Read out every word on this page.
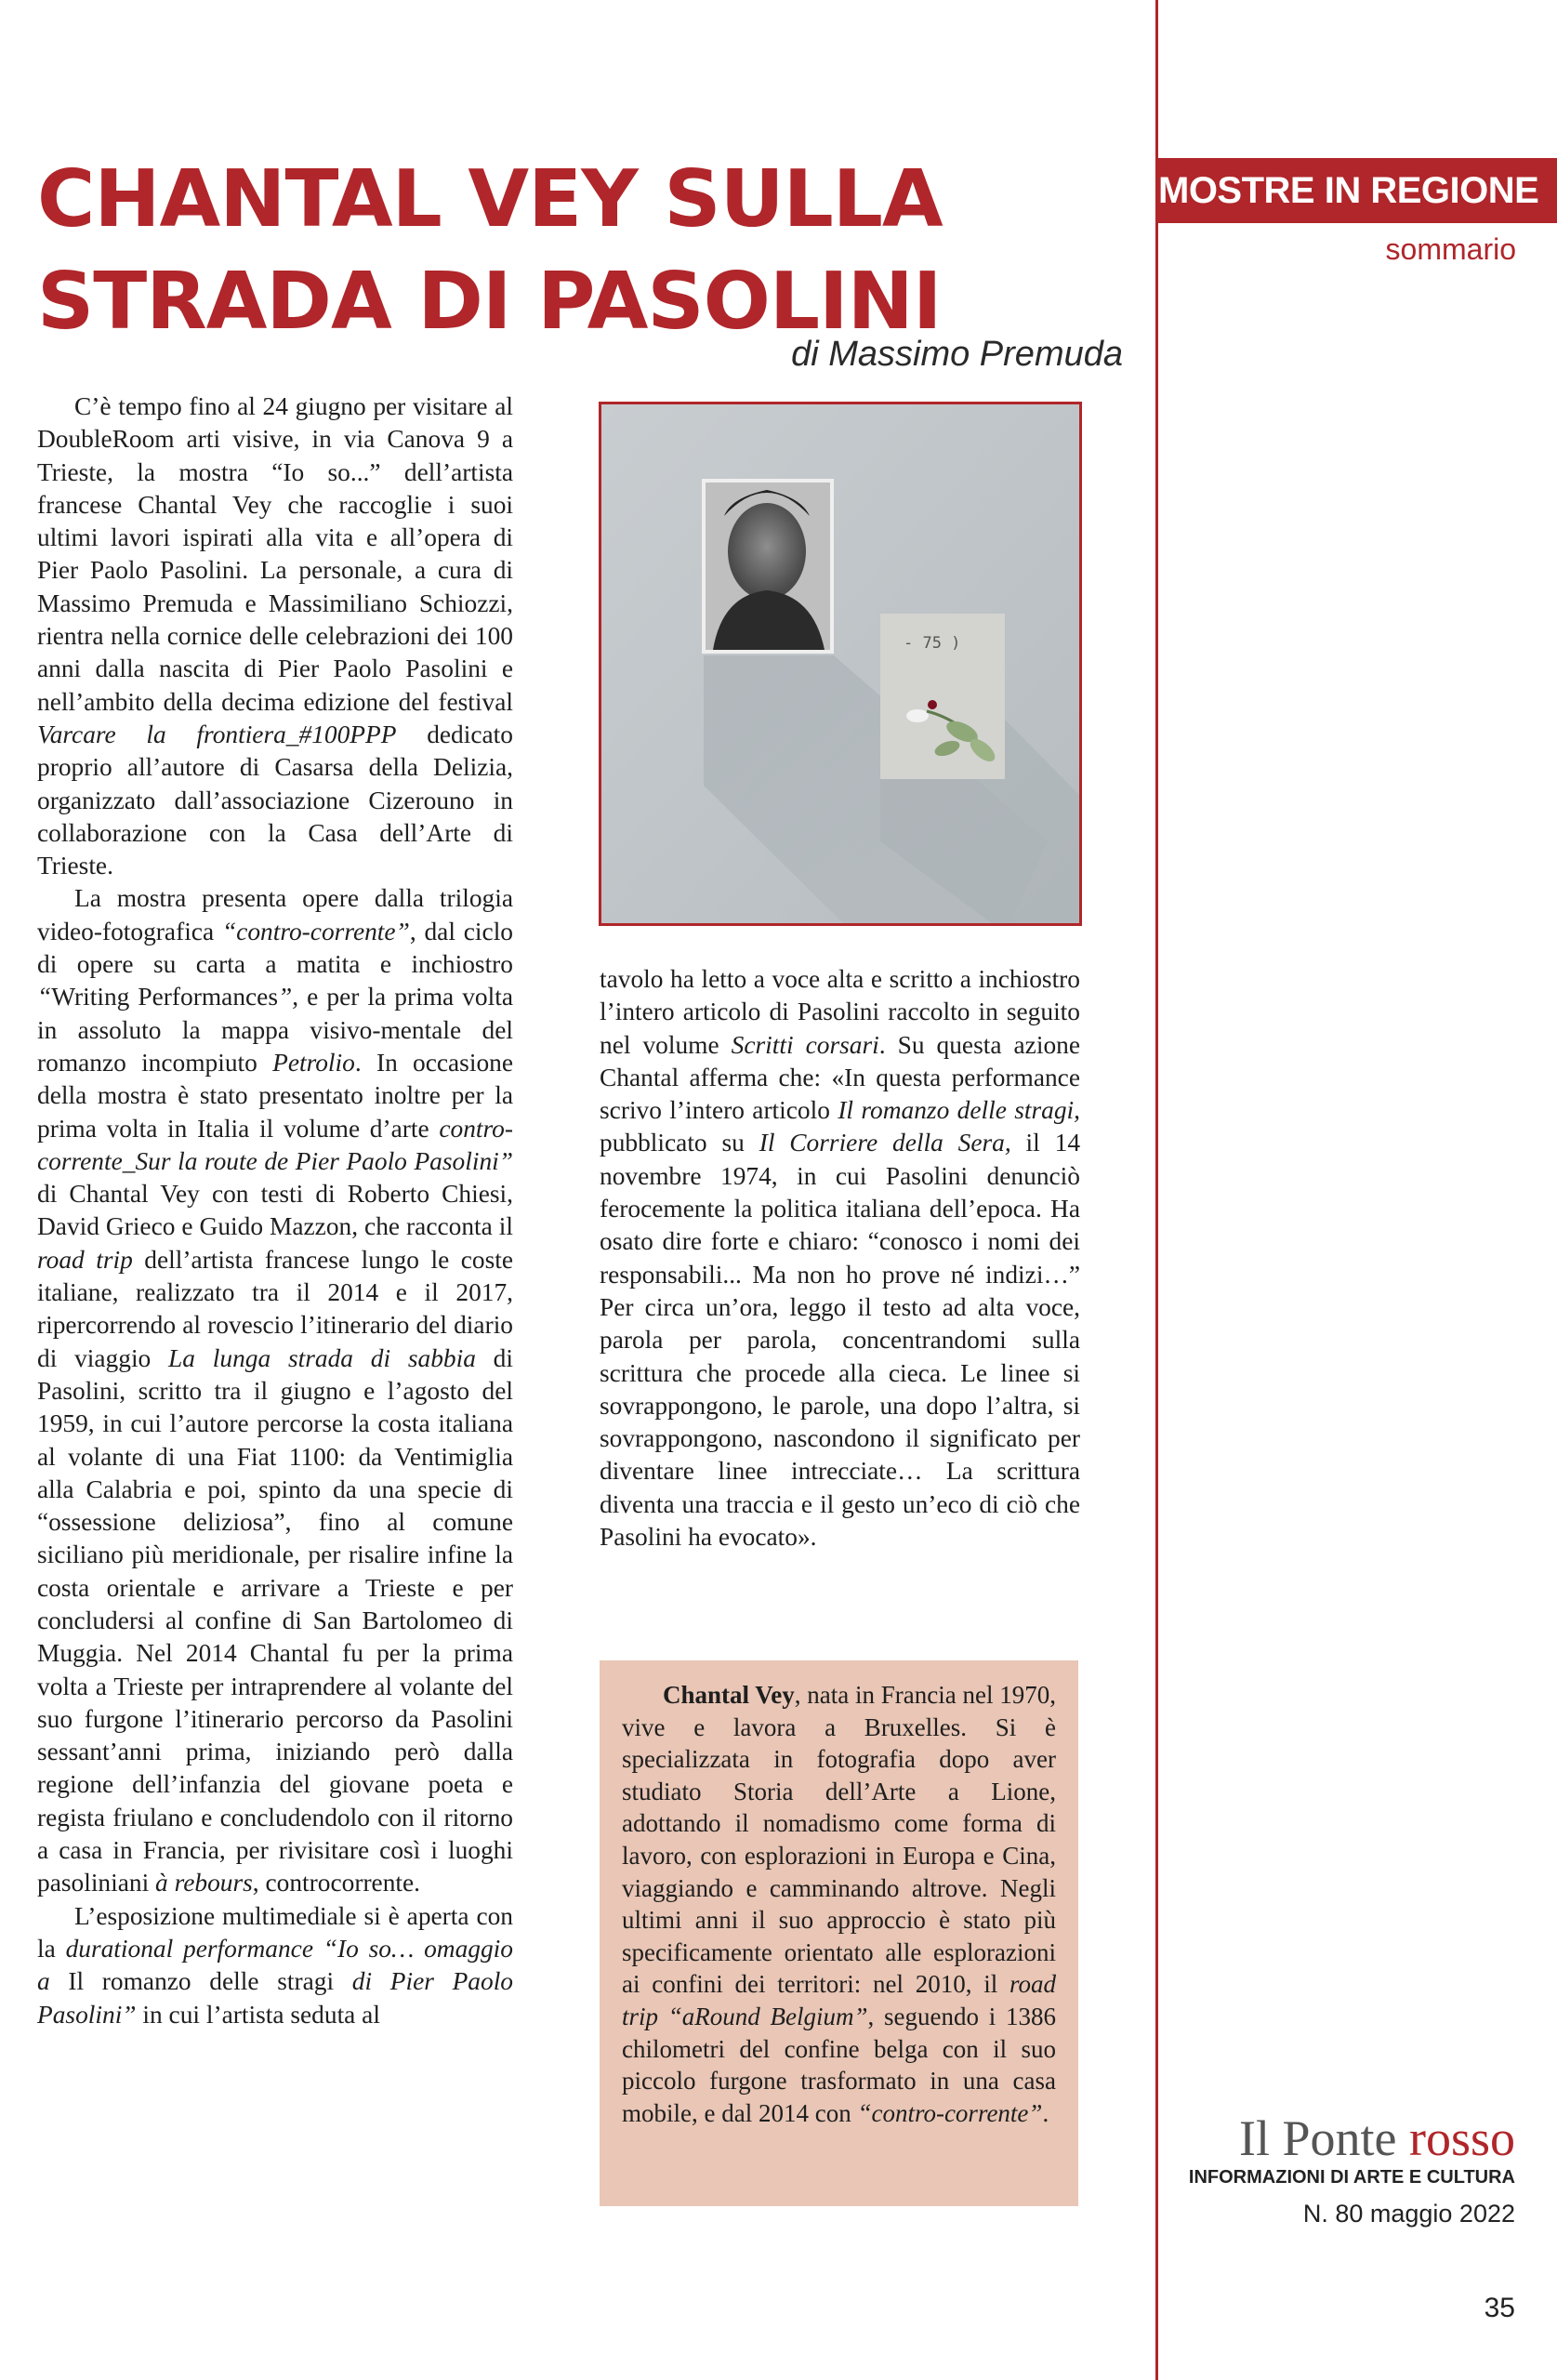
MOSTRE IN REGIONE
sommario
CHANTAL VEY SULLA
STRADA DI PASOLINI
di Massimo Premuda

C’è tempo fino al 24 giugno per visitare al DoubleRoom arti visive, in via Canova 9 a Trieste, la mostra “Io so...” dell’artista francese Chantal Vey che raccoglie i suoi ultimi lavori ispirati alla vita e all’opera di Pier Paolo Pasolini. La personale, a cura di Massimo Premuda e Massimiliano Schiozzi, rientra nella cornice delle celebrazioni dei 100 anni dalla nascita di Pier Paolo Pasolini e nell’ambito della decima edizione del festival Varcare la frontiera_#100PPP dedicato proprio all’autore di Casarsa della Delizia, organizzato dall’associazione Cizerouno in collaborazione con la Casa dell’Arte di Trieste.

La mostra presenta opere dalla trilogia video-fotografica “contro-corrente”, dal ciclo di opere su carta a matita e inchiostro “Writing Performances”, e per la prima volta in assoluto la mappa visivo-mentale del romanzo incompiuto Petrolio. In occasione della mostra è stato presentato inoltre per la prima volta in Italia il volume d’arte contro-corrente_Sur la route de Pier Paolo Pasolini” di Chantal Vey con testi di Roberto Chiesi, David Grieco e Guido Mazzon, che racconta il road trip dell’artista francese lungo le coste italiane, realizzato tra il 2014 e il 2017, ripercorrendo al rovescio l’itinerario del diario di viaggio La lunga strada di sabbia di Pasolini, scritto tra il giugno e l’agosto del 1959, in cui l’autore percorse la costa italiana al volante di una Fiat 1100: da Ventimiglia alla Calabria e poi, spinto da una specie di “ossessione deliziosa”, fino al comune siciliano più meridionale, per risalire infine la costa orientale e arrivare a Trieste e per concludersi al confine di San Bartolomeo di Muggia. Nel 2014 Chantal fu per la prima volta a Trieste per intraprendere al volante del suo furgone l’itinerario percorso da Pasolini sessant’anni prima, iniziando però dalla regione dell’infanzia del giovane poeta e regista friulano e concludendolo con il ritorno a casa in Francia, per rivisitare così i luoghi pasoliniani à rebours, controcorrente.

L’esposizione multimediale si è aperta con la durational performance “Io so… omaggio a Il romanzo delle stragi di Pier Paolo Pasolini” in cui l’artista seduta al

- 75 )

tavolo ha letto a voce alta e scritto a inchiostro l’intero articolo di Pasolini raccolto in seguito nel volume Scritti corsari. Su questa azione Chantal afferma che: «In questa performance scrivo l’intero articolo Il romanzo delle stragi, pubblicato su Il Corriere della Sera, il 14 novembre 1974, in cui Pasolini denunciò ferocemente la politica italiana dell’epoca. Ha osato dire forte e chiaro: “conosco i nomi dei responsabili... Ma non ho prove né indizi…” Per circa un’ora, leggo il testo ad alta voce, parola per parola, concentrandomi sulla scrittura che procede alla cieca. Le linee si sovrappongono, le parole, una dopo l’altra, si sovrappongono, nascondono il significato per diventare linee intrecciate… La scrittura diventa una traccia e il gesto un’eco di ciò che Pasolini ha evocato».

Chantal Vey, nata in Francia nel 1970, vive e lavora a Bruxelles. Si è specializzata in fotografia dopo aver studiato Storia dell’Arte a Lione, adottando il nomadismo come forma di lavoro, con esplorazioni in Europa e Cina, viaggiando e camminando altrove. Negli ultimi anni il suo approccio è stato più specificamente orientato alle esplorazioni ai confini dei territori: nel 2010, il road trip “aRound Belgium”, seguendo i 1386 chilometri del confine belga con il suo piccolo furgone trasformato in una casa mobile, e dal 2014 con “contro-corrente”.	Il Ponte rosso
INFORMAZIONI DI ARTE E CULTURA
N. 80 maggio 2022
35
